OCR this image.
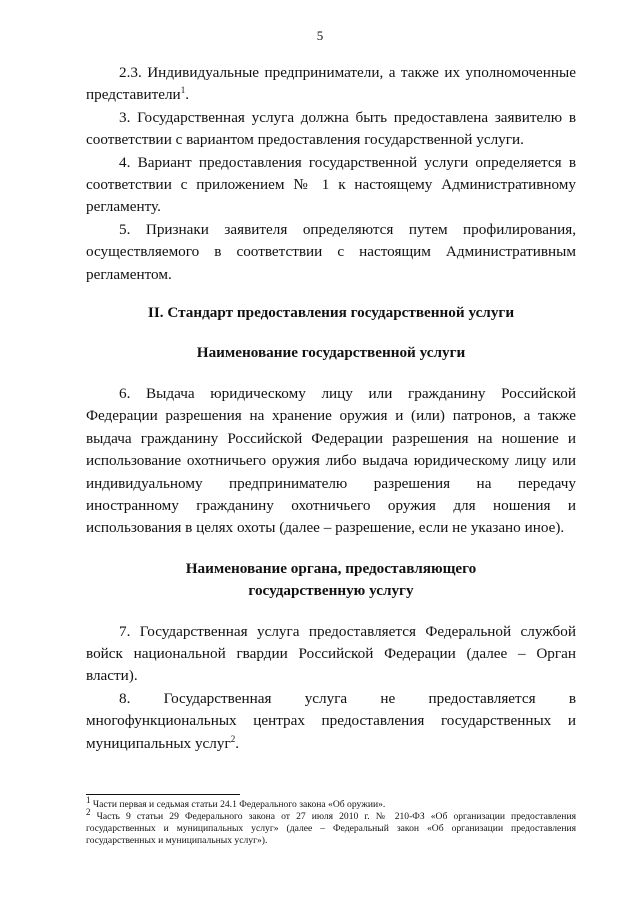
5

2.3. Индивидуальные предприниматели, а также их уполномоченные представители$^1$.

3. Государственная услуга должна быть предоставлена заявителю в соответствии с вариантом предоставления государственной услуги.

4. Вариант предоставления государственной услуги определяется в соответствии с приложением № 1 к настоящему Административному регламенту.

5. Признаки заявителя определяются путем профилирования, осуществляемого в соответствии с настоящим Административным регламентом.

II. Стандарт предоставления государственной услуги

Наименование государственной услуги

6. Выдача юридическому лицу или гражданину Российской Федерации разрешения на хранение оружия и (или) патронов, а также выдача гражданину Российской Федерации разрешения на ношение и использование охотничьего оружия либо выдача юридическому лицу или индивидуальному предпринимателю разрешения на передачу иностранному гражданину охотничьего оружия для ношения и использования в целях охоты (далее – разрешение, если не указано иное).

Наименование органа, предоставляющего
государственную услугу

7. Государственная услуга предоставляется Федеральной службой войск национальной гвардии Российской Федерации (далее – Орган власти).

8. Государственная услуга не предоставляется в многофункциональных центрах предоставления государственных и муниципальных услуг$^2$.

$^1$ Части первая и седьмая статьи 24.1 Федерального закона «Об оружии».

$^2$ Часть 9 статьи 29 Федерального закона от 27 июля 2010 г. № 210-ФЗ «Об организации предоставления государственных и муниципальных услуг» (далее – Федеральный закон «Об организации предоставления государственных и муниципальных услуг»).
